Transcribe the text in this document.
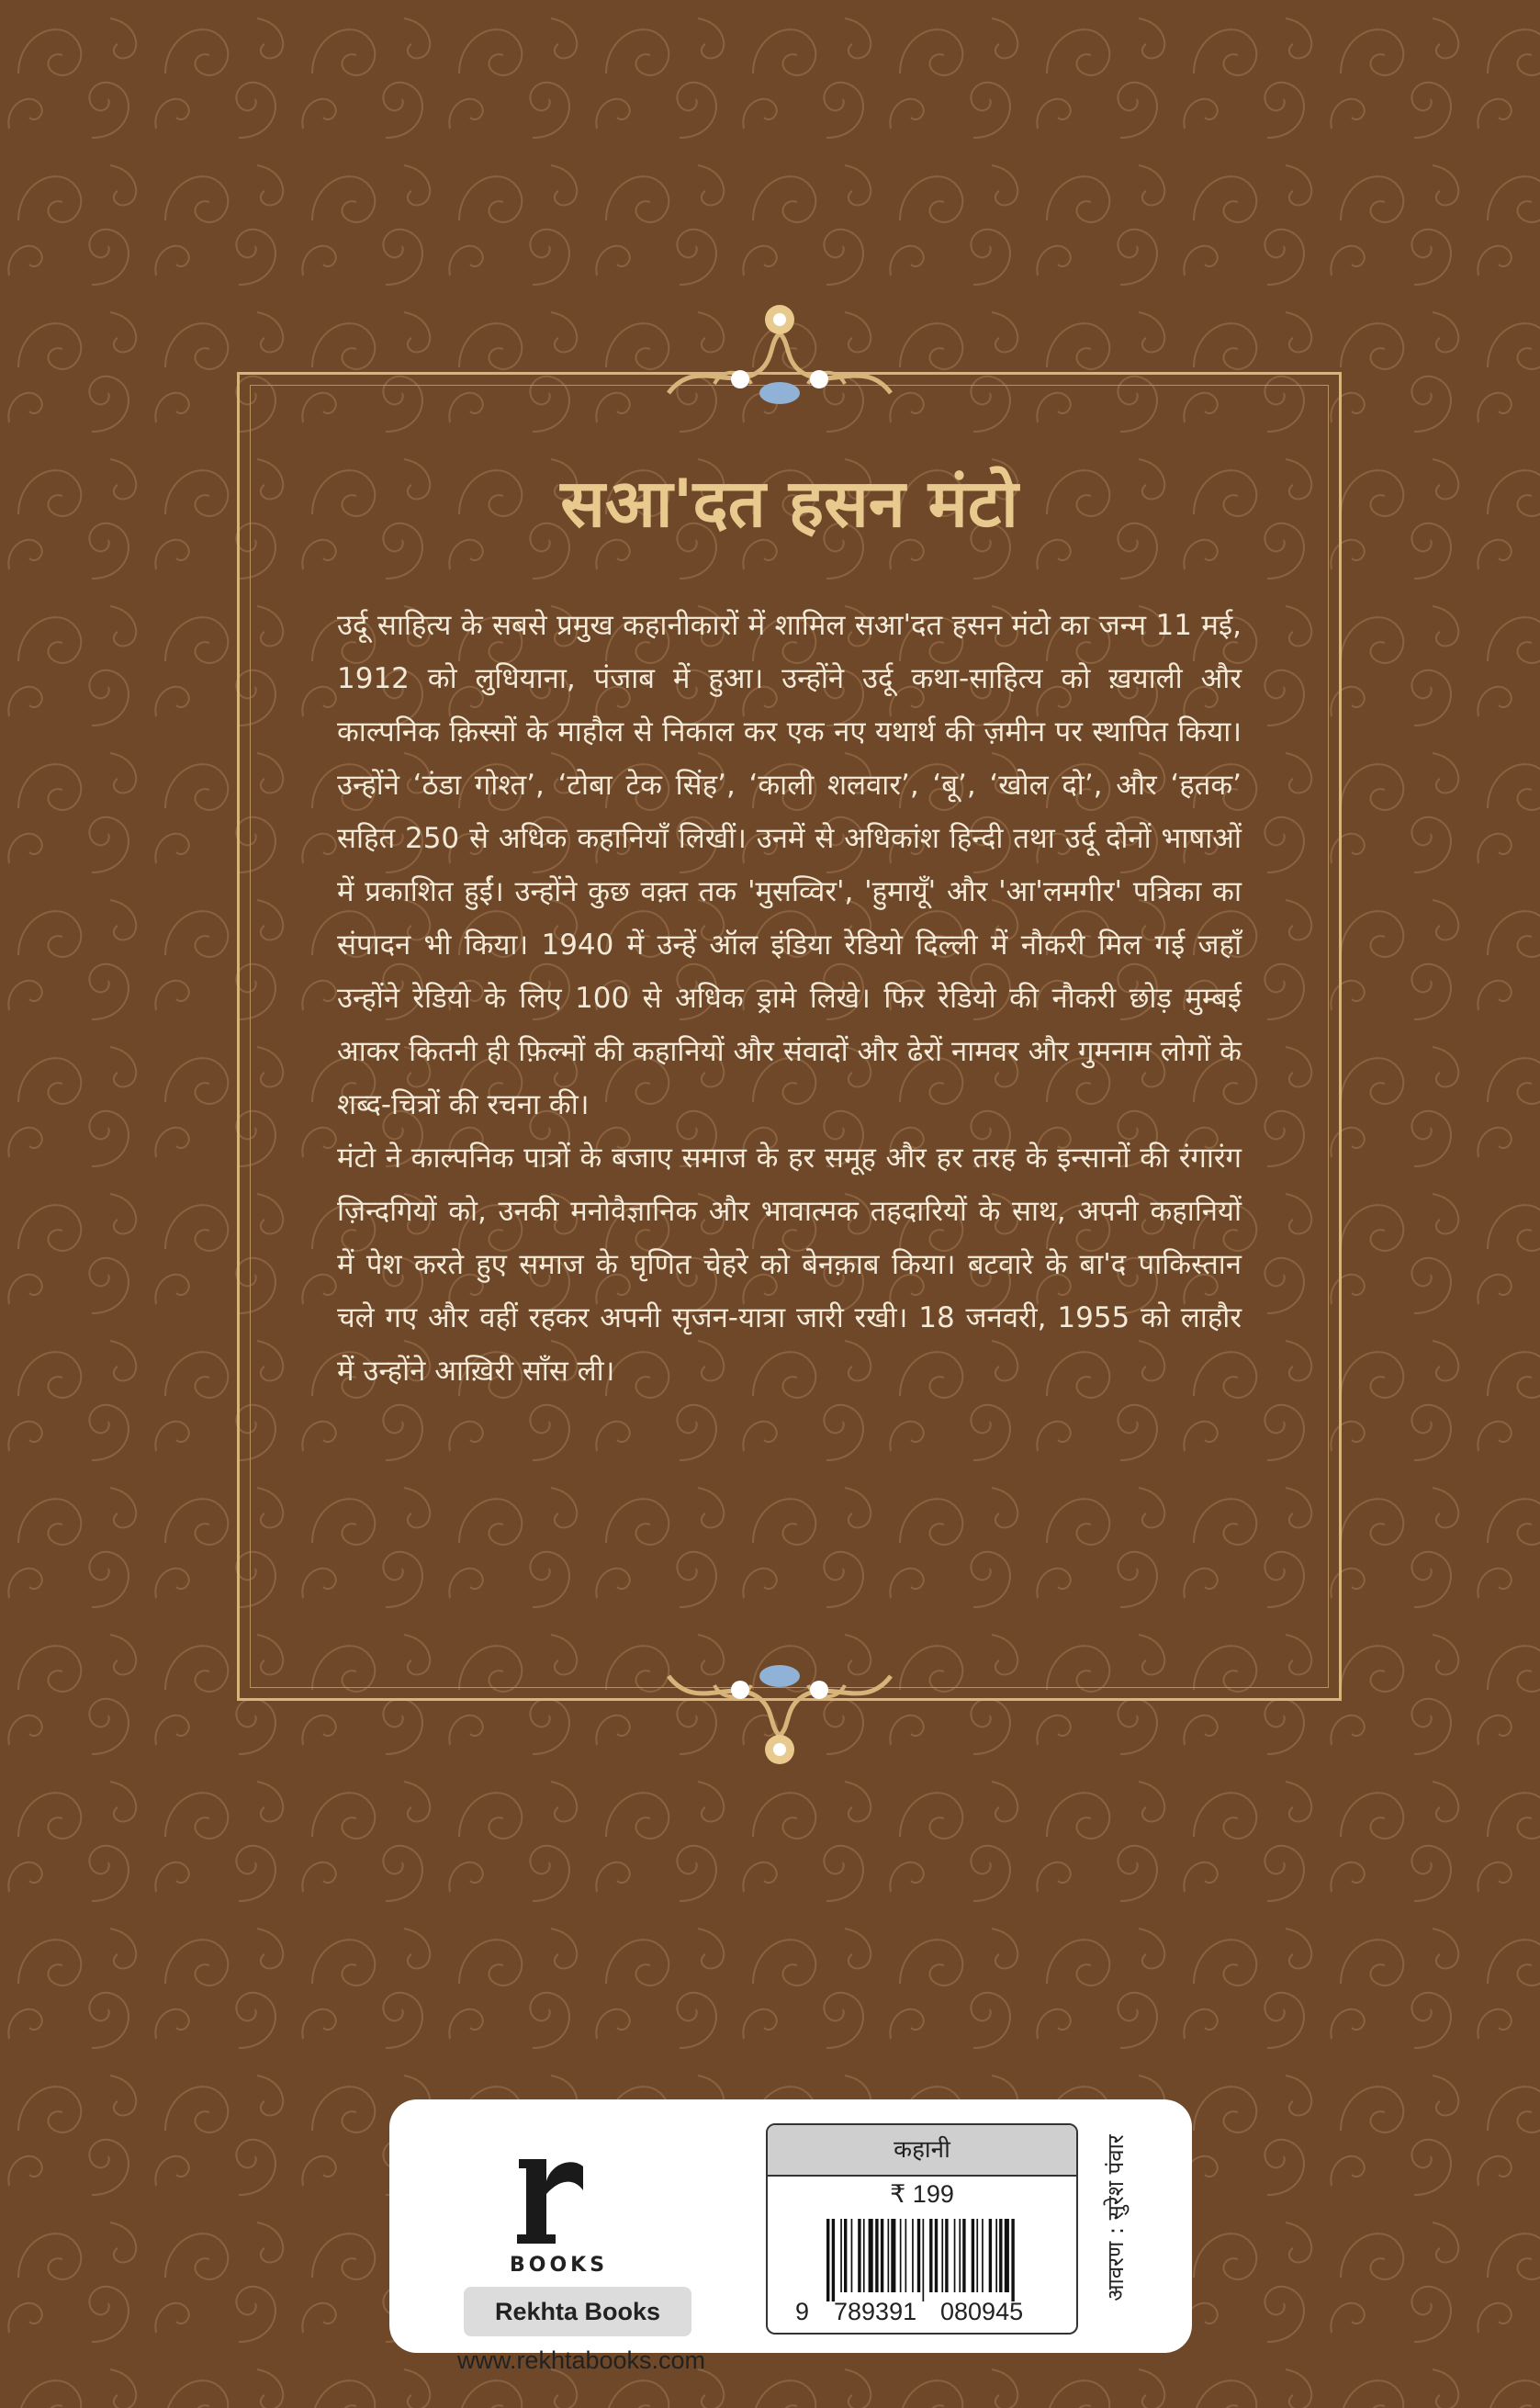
सआ'दत हसन मंटो

उर्दू साहित्य के सबसे प्रमुख कहानीकारों में शामिल सआ'दत हसन मंटो का जन्म 11 मई, 1912 को लुधियाना, पंजाब में हुआ। उन्होंने उर्दू कथा-साहित्य को ख़याली और काल्पनिक क़िस्सों के माहौल से निकाल कर एक नए यथार्थ की ज़मीन पर स्थापित किया। उन्होंने ‘ठंडा गोश्त’, ‘टोबा टेक सिंह’, ‘काली शलवार’, ‘बू’, ‘खोल दो’, और ‘हतक’ सहित 250 से अधिक कहानियाँ लिखीं। उनमें से अधिकांश हिन्दी तथा उर्दू दोनों भाषाओं में प्रकाशित हुईं। उन्होंने कुछ वक़्त तक 'मुसव्विर', 'हुमायूँ' और 'आ'लमगीर' पत्रिका का संपादन भी किया। 1940 में उन्हें ऑल इंडिया रेडियो दिल्ली में नौकरी मिल गई जहाँ उन्होंने रेडियो के लिए 100 से अधिक ड्रामे लिखे। फिर रेडियो की नौकरी छोड़ मुम्बई आकर कितनी ही फ़िल्मों की कहानियों और संवादों और ढेरों नामवर और गुमनाम लोगों के शब्द-चित्रों की रचना की।

मंटो ने काल्पनिक पात्रों के बजाए समाज के हर समूह और हर तरह के इन्सानों की रंगारंग ज़िन्दगियों को, उनकी मनोवैज्ञानिक और भावात्मक तहदारियों के साथ, अपनी कहानियों में पेश करते हुए समाज के घृणित चेहरे को बेनक़ाब किया। बटवारे के बा'द पाकिस्तान चले गए और वहीं रहकर अपनी सृजन-यात्रा जारी रखी। 18 जनवरी, 1955 को लाहौर में उन्होंने आख़िरी साँस ली।

BOOKS
Rekhta Books
www.rekhtabooks.com
कहानी
₹ 199
9 789391 080945
आवरण : सुरेश पंवार
